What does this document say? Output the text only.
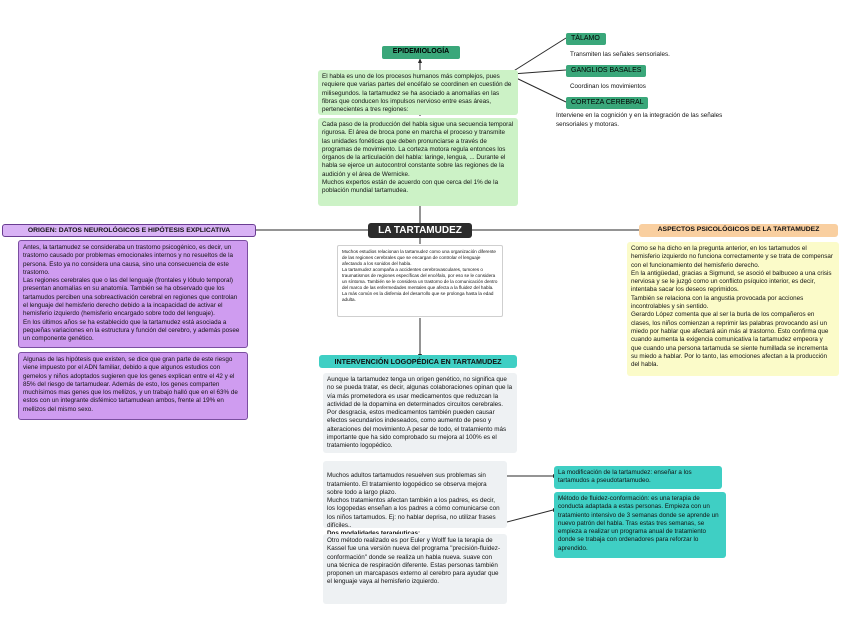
EPIDEMIOLOGÍA
El habla es uno de los procesos humanos más complejos, pues requiere que varias partes del encéfalo se coordinen en cuestión de milisegundos. la tartamudez se ha asociado a anomalías en las fibras que conducen los impulsos nervioso entre esas áreas, pertenecientes a tres regiones:
Cada paso de la producción del habla sigue una secuencia temporal rigurosa. El área de broca pone en marcha el proceso y transmite las unidades fonéticas que deben pronunciarse a través de programas de movimiento. La corteza motora regula entonces los órganos de la articulación del habla: laringe, lengua, ... Durante el habla se ejerce un autocontrol constante sobre las regiones de la audición y el área de Wernicke.
Muchos expertos están de acuerdo con que cerca del 1% de la población mundial tartamudea.
TÁLAMO
Transmiten las señales sensoriales.
GANGLIOS BASALES
Coordinan los movimientos
CORTEZA CEREBRAL
Interviene en la cognición y en la integración de las señales sensoriales y motoras.
LA TARTAMUDEZ
Muchos estudios relacionan la tartamudez como una organización diferente de las regiones cerebrales que se encargan de controlar el lenguaje afectando a los sonidos del habla.
La tartamudez acompaña a accidentes cerebrovasculares, tumores o traumatismos de regiones específicas del encéfalo, por eso se le considera un síntoma. También se le considera un trastorno de la comunicación dentro del marco de las enfermedades mentales que afecta a la fluidez del habla.
La más común es la disfemia del desarrollo que se prolonga hasta la edad adulta.
ORIGEN: DATOS NEUROLÓGICOS E HIPÓTESIS EXPLICATIVA
Antes, la tartamudez se consideraba un trastorno psicogénico, es decir, un trastorno causado por problemas emocionales internos y no resueltos de la persona. Esto ya no considera una causa, sino una consecuencia de este trastorno.
Las regiones cerebrales que o las del lenguaje (frontales y lóbulo temporal) presentan anomalías en su anatomía. También se ha observado que los tartamudos perciben una sobreactivación cerebral en regiones que controlan el lenguaje del hemisferio derecho debido a la incapacidad de activar el hemisferio izquierdo (hemisferio encargado sobre todo del lenguaje).
En los últimos años se ha establecido que la tartamudez está asociada a pequeñas variaciones en la estructura y función del cerebro, y además posee un componente genético.
Algunas de las hipótesis que existen, se dice que gran parte de este riesgo viene impuesto por el ADN familiar, debido a que algunos estudios con gemelos y niños adoptados sugieren que los genes explican entre el 42 y el 85% del riesgo de tartamudear. Además de esto, los genes comparten muchísimos mas genes que los mellizos, y un trabajo halló que en el 63% de estos con un integrante disfémico tartamudean ambos, frente al 19% en mellizos del mismo sexo.
ASPECTOS PSICOLÓGICOS DE LA TARTAMUDEZ
Como se ha dicho en la pregunta anterior, en los tartamudos el hemisferio izquierdo no funciona correctamente y se trata de compensar con el funcionamiento del hemisferio derecho.
En la antigüedad, gracias a Sigmund, se asoció el balbuceo a una crisis nerviosa y se le juzgó como un conflicto psíquico interior, es decir, intentaba sacar los deseos reprimidos.
También se relaciona con la angustia provocada por acciones incontrolables y sin sentido.
Gerardo López comenta que al ser la burla de los compañeros en clases, los niños comienzan a reprimir las palabras provocando así un miedo por hablar que afectará aún más al trastorno. Esto confirma que cuando aumenta la exigencia comunicativa la tartamudez empeora y que cuando una persona tartamuda se siente humillada se incrementa su miedo a hablar. Por lo tanto, las emociones afectan a la producción del habla.
INTERVENCIÓN LOGOPÉDICA EN TARTAMUDEZ
Aunque la tartamudez tenga un origen genético, no significa que no se pueda tratar, es decir, algunas colaboraciones opinan que la vía más prometedora es usar medicamentos que reduzcan la actividad de la dopamina en determinados circuitos cerebrales.
Por desgracia, estos medicamentos también pueden causar efectos secundarios indeseados, como aumento de peso y alteraciones del movimiento.A pesar de todo, el tratamiento más importante que ha sido comprobado su mejora al 100% es el tratamiento logopédico.

Muchos adultos tartamudos resuelven sus problemas sin tratamiento. El tratamiento logopédico se observa mejora sobre todo a largo plazo.
Muchos tratamientos afectan también a los padres, es decir, los logopedas enseñan a los padres a cómo comunicarse con los niños tartamudos. Ej: no hablar deprisa, no utilizar frases difíciles..

Otro método realizado es por Euler y Wolff fue la terapia de Kassel fue una versión nueva del programa "precisión-fluidez-conformación" donde se realiza un habla nueva. suave con una técnica de respiración diferente. Estas personas también proponen un marcapasos externo al cerebro para ayudar que el lenguaje vaya al hemisferio izquierdo.
La modificación de la tartamudez: enseñar a los tartamudos a pseudotartamudeo.
Método de fluidez-conformación: es una terapia de conducta adaptada a estas personas. Empieza con un tratamiento intensivo de 3 semanas donde se aprende un nuevo patrón del habla. Tras estas tres semanas, se empieza a realizar un programa anual de tratamiento donde se trabaja con ordenadores para reforzar lo aprendido.
